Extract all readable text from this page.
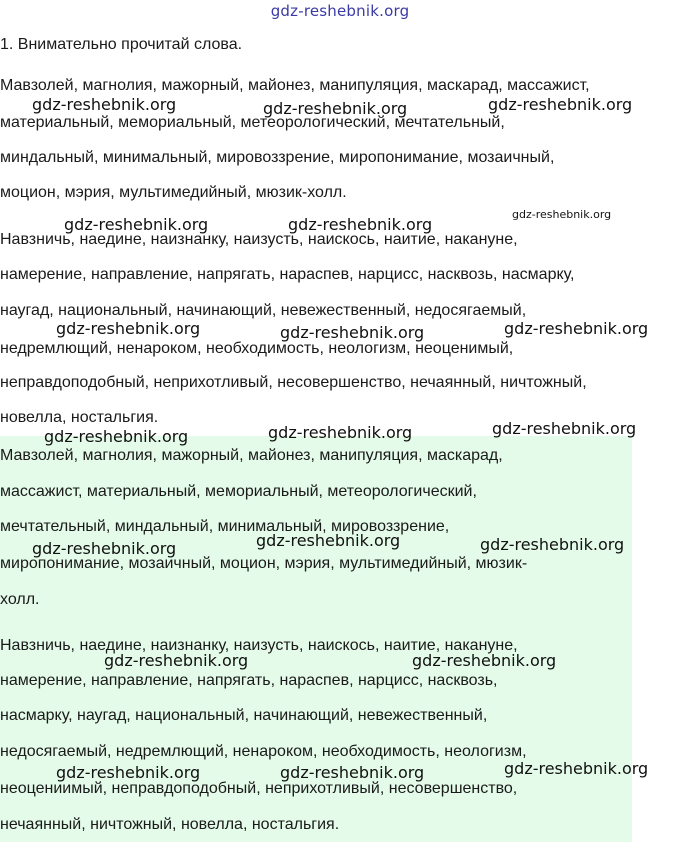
gdz-reshebnik.org
1. Внимательно прочитай слова.
Мавзолей, магнолия, мажорный, майонез, манипуляция, маскарад, массажист,
материальный, мемориальный, метеорологический, мечтательный,
миндальный, минимальный, мировоззрение, миропонимание, мозаичный,
моцион, мэрия, мультимедийный, мюзик-холл.
Навзничь, наедине, наизнанку, наизусть, наискось, наитие, накануне,
намерение, направление, напрягать, нараспев, нарцисс, насквозь, насмарку,
наугад, национальный, начинающий, невежественный, недосягаемый,
недремлющий, ненароком, необходимость, неологизм, неоценимый,
неправдоподобный, неприхотливый, несовершенство, нечаянный, ничтожный,
новелла, ностальгия.
Мавзолей, магнолия, мажорный, майонез, манипуляция, маскарад,
массажист, материальный, мемориальный, метеорологический,
мечтательный, миндальный, минимальный, мировоззрение,
миропонимание, мозаичный, моцион, мэрия, мультимедийный, мюзик-
холл.
Навзничь, наедине, наизнанку, наизусть, наискось, наитие, накануне,
намерение, направление, напрягать, нараспев, нарцисс, насквозь,
насмарку, наугад, национальный, начинающий, невежественный,
недосягаемый, недремлющий, ненароком, необходимость, неологизм,
неоцениимый, неправдоподобный, неприхотливый, несовершенство,
нечаянный, ничтожный, новелла, ностальгия.
gdz-reshebnik.org	gdz-reshebnik.org	gdz-reshebnik.org
gdz-reshebnik.org	gdz-reshebnik.org
gdz-reshebnik.org
gdz-reshebnik.org	gdz-reshebnik.org	gdz-reshebnik.org
gdz-reshebnik.org	gdz-reshebnik.org	gdz-reshebnik.org
gdz-reshebnik.org	gdz-reshebnik.org	gdz-reshebnik.org
gdz-reshebnik.org	gdz-reshebnik.org
gdz-reshebnik.org	gdz-reshebnik.org	gdz-reshebnik.org
